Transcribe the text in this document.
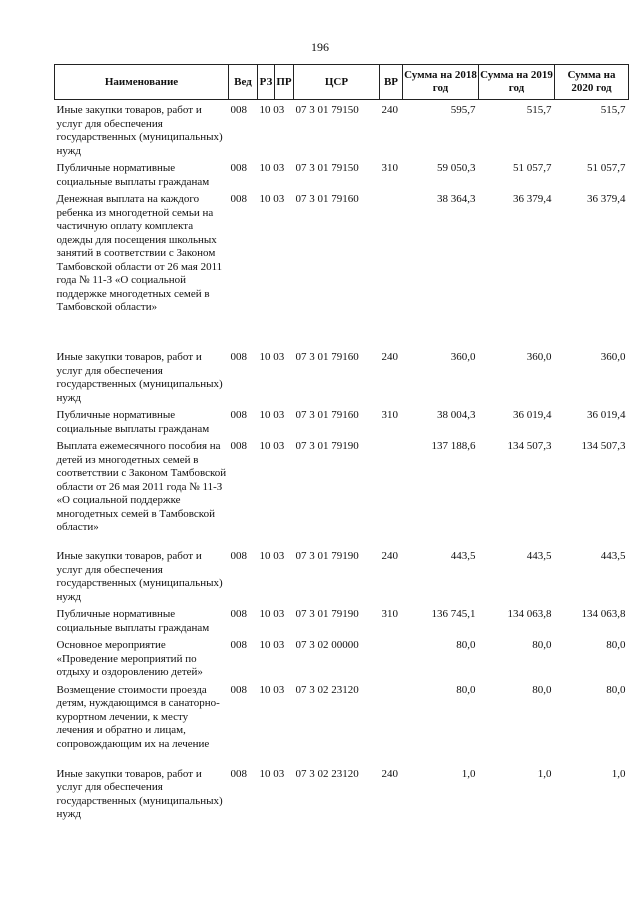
196
Наименование	Вед	РЗ	ПР	ЦСР	ВР	Сумма на 2018 год	Сумма на 2019 год	Сумма на 2020 год
Иные закупки товаров, работ и услуг для обеспечения государственных (муниципальных) нужд	008	10 03		07 3 01 79150	240	595,7	515,7	515,7
Публичные нормативные социальные выплаты гражданам	008	10 03		07 3 01 79150	310	59 050,3	51 057,7	51 057,7
Денежная выплата на каждого ребенка из многодетной семьи на частичную оплату комплекта одежды для посещения школьных занятий в соответствии с Законом Тамбовской области от 26 мая 2011 года № 11-З «О социальной поддержке многодетных семей в Тамбовской области»	008	10 03		07 3 01 79160		38 364,3	36 379,4	36 379,4
Иные закупки товаров, работ и услуг для обеспечения государственных (муниципальных) нужд	008	10 03		07 3 01 79160	240	360,0	360,0	360,0
Публичные нормативные социальные выплаты гражданам	008	10 03		07 3 01 79160	310	38 004,3	36 019,4	36 019,4
Выплата ежемесячного пособия на детей из многодетных семей в соответствии с Законом Тамбовской области от 26 мая 2011 года № 11-З «О социальной поддержке многодетных семей в Тамбовской области»	008	10 03		07 3 01 79190		137 188,6	134 507,3	134 507,3
Иные закупки товаров, работ и услуг для обеспечения государственных (муниципальных) нужд	008	10 03		07 3 01 79190	240	443,5	443,5	443,5
Публичные нормативные социальные выплаты гражданам	008	10 03		07 3 01 79190	310	136 745,1	134 063,8	134 063,8
Основное мероприятие «Проведение мероприятий по отдыху и оздоровлению детей»	008	10 03		07 3 02 00000		80,0	80,0	80,0
Возмещение стоимости проезда детям, нуждающимся в санаторно-курортном лечении, к месту лечения и обратно и лицам, сопровождающим их на лечение	008	10 03		07 3 02 23120		80,0	80,0	80,0
Иные закупки товаров, работ и услуг для обеспечения государственных (муниципальных) нужд	008	10 03		07 3 02 23120	240	1,0	1,0	1,0
